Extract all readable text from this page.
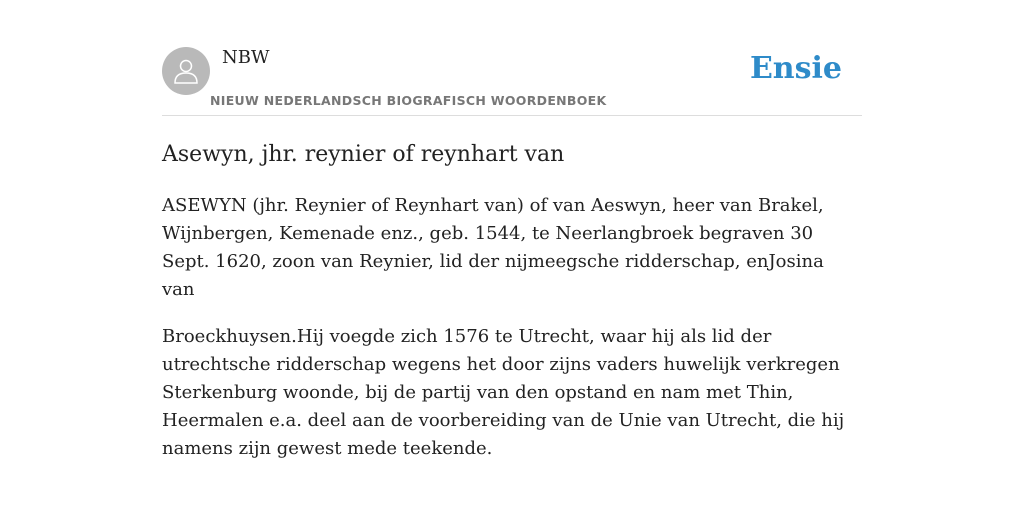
NBW
NIEUW NEDERLANDSCH BIOGRAFISCH WOORDENBOEK
Ensie
Asewyn, jhr. reynier of reynhart van

ASEWYN (jhr. Reynier of Reynhart van) of van Aeswyn, heer van Brakel, Wijnbergen, Kemenade enz., geb. 1544, te Neerlangbroek begraven 30 Sept. 1620, zoon van Reynier, lid der nijmeegsche ridderschap, enJosina van

Broeckhuysen.Hij voegde zich 1576 te Utrecht, waar hij als lid der utrechtsche ridderschap wegens het door zijns vaders huwelijk verkregen Sterkenburg woonde, bij de partij van den opstand en nam met Thin, Heermalen e.a. deel aan de voorbereiding van de Unie van Utrecht, die hij namens zijn gewest mede teekende.
